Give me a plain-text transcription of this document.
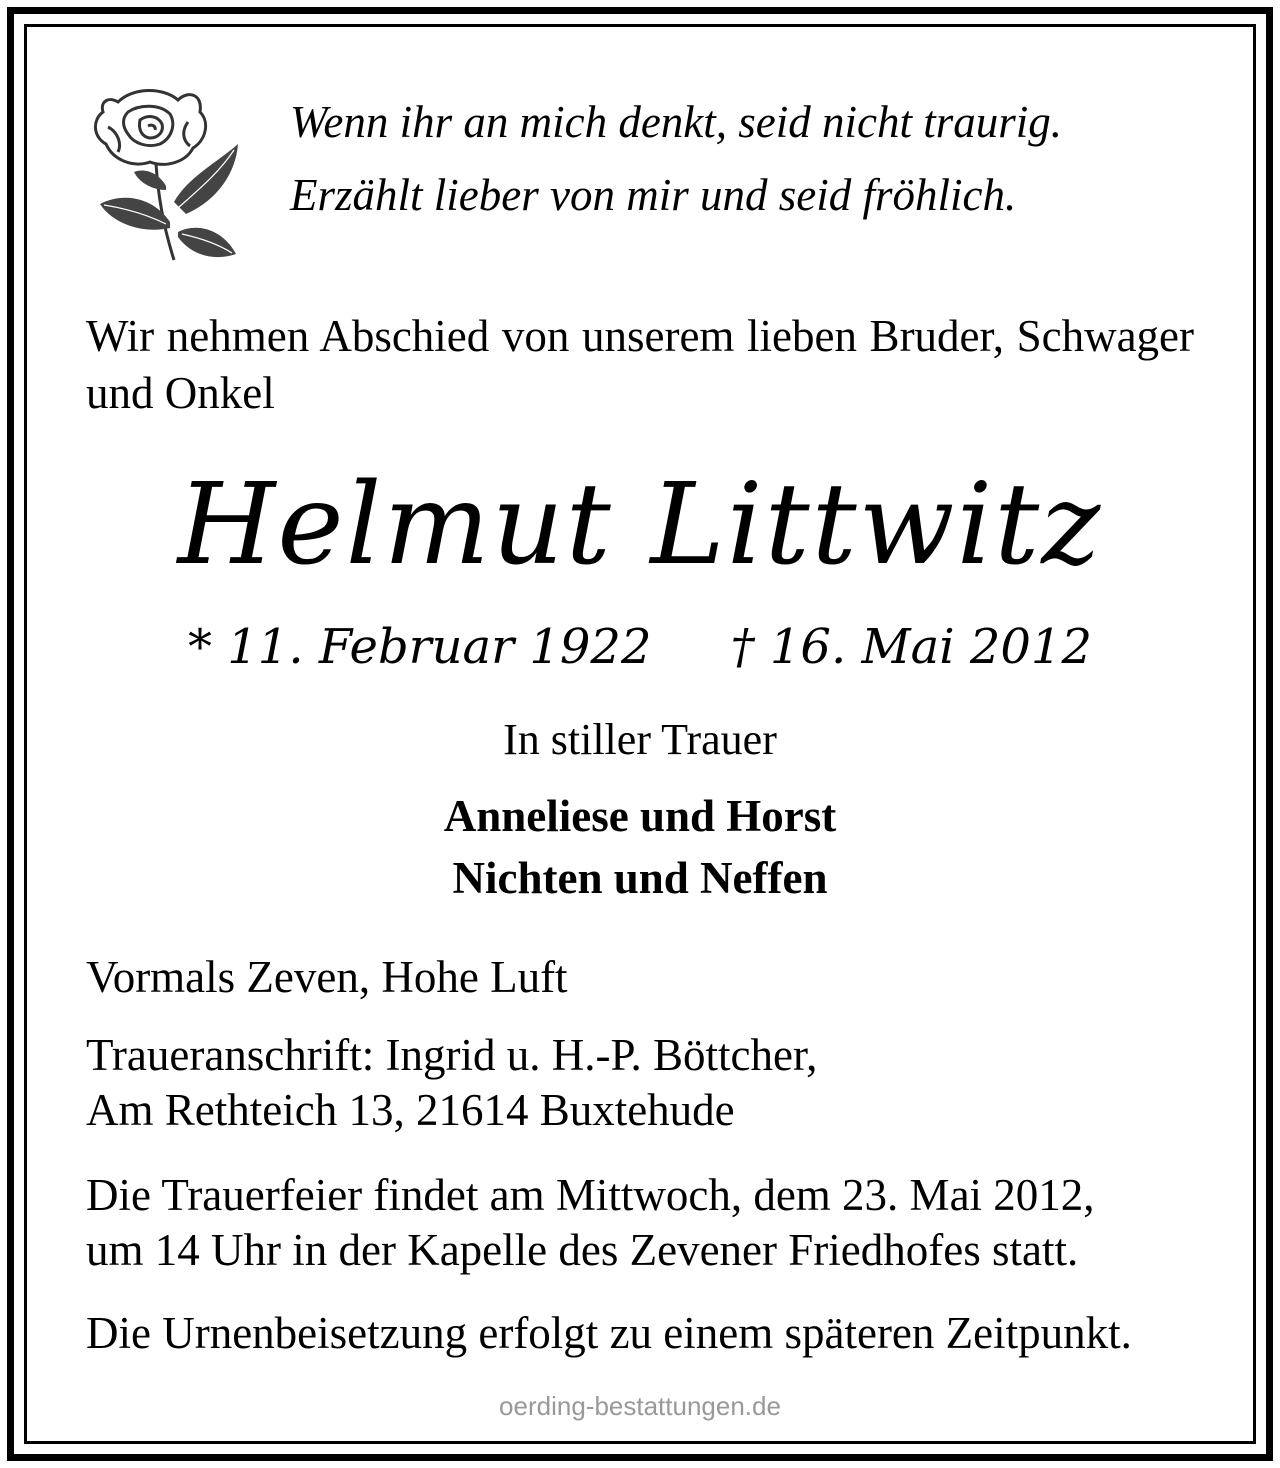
Wenn ihr an mich denkt, seid nicht traurig.
Erzählt lieber von mir und seid fröhlich.
Wir nehmen Abschied von unserem lieben Bruder, Schwager und Onkel
Helmut Littwitz
* 11. Februar 1922 † 16. Mai 2012
In stiller Trauer
Anneliese und Horst
Nichten und Neffen
Vormals Zeven, Hohe Luft
Traueranschrift: Ingrid u. H.-P. Böttcher,
Am Rethteich 13, 21614 Buxtehude
Die Trauerfeier findet am Mittwoch, dem 23. Mai 2012,
um 14 Uhr in der Kapelle des Zevener Friedhofes statt.
Die Urnenbeisetzung erfolgt zu einem späteren Zeitpunkt.
oerding-bestattungen.de
